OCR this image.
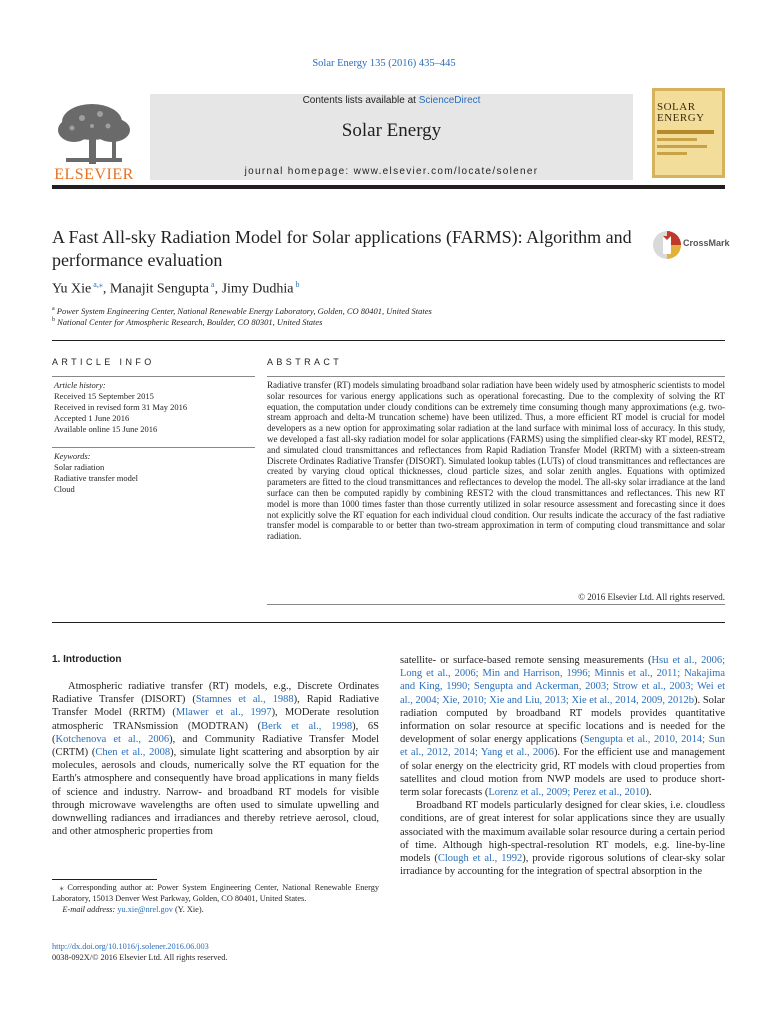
Solar Energy 135 (2016) 435–445
ELSEVIER
Contents lists available at ScienceDirect
Solar Energy
journal homepage: www.elsevier.com/locate/solener
SOLAR ENERGY
A Fast All-sky Radiation Model for Solar applications (FARMS): Algorithm and performance evaluation
CrossMark
Yu Xie $^{a,⁎}$, Manajit Sengupta $^a$, Jimy Dudhia $^b$
$^a$ Power System Engineering Center, National Renewable Energy Laboratory, Golden, CO 80401, United States
$^b$ National Center for Atmospheric Research, Boulder, CO 80301, United States
ARTICLE INFO	ABSTRACT
Article history:
Received 15 September 2015
Received in revised form 31 May 2016
Accepted 1 June 2016
Available online 15 June 2016
Keywords:
Solar radiation
Radiative transfer model
Cloud
Radiative transfer (RT) models simulating broadband solar radiation have been widely used by atmospheric scientists to model solar resources for various energy applications such as operational forecasting. Due to the complexity of solving the RT equation, the computation under cloudy conditions can be extremely time consuming though many approximations (e.g. two-stream approach and delta-M truncation scheme) have been utilized. Thus, a more efficient RT model is crucial for model developers as a new option for approximating solar radiation at the land surface with minimal loss of accuracy. In this study, we developed a fast all-sky radiation model for solar applications (FARMS) using the simplified clear-sky RT model, REST2, and simulated cloud transmittances and reflectances from Rapid Radiation Transfer Model (RRTM) with a sixteen-stream Discrete Ordinates Radiative Transfer (DISORT). Simulated lookup tables (LUTs) of cloud transmittances and reflectances are created by varying cloud optical thicknesses, cloud particle sizes, and solar zenith angles. Equations with optimized parameters are fitted to the cloud transmittances and reflectances to develop the model. The all-sky solar irradiance at the land surface can then be computed rapidly by combining REST2 with the cloud transmittances and reflectances. This new RT model is more than 1000 times faster than those currently utilized in solar resource assessment and forecasting since it does not explicitly solve the RT equation for each individual cloud condition. Our results indicate the accuracy of the fast radiative transfer model is comparable to or better than two-stream approximation in term of computing cloud transmittance and solar radiation.
© 2016 Elsevier Ltd. All rights reserved.
1. Introduction

Atmospheric radiative transfer (RT) models, e.g., Discrete Ordinates Radiative Transfer (DISORT) (Stamnes et al., 1988), Rapid Radiative Transfer Model (RRTM) (Mlawer et al., 1997), MODerate resolution atmospheric TRANsmission (MODTRAN) (Berk et al., 1998), 6S (Kotchenova et al., 2006), and Community Radiative Transfer Model (CRTM) (Chen et al., 2008), simulate light scattering and absorption by air molecules, aerosols and clouds, numerically solve the RT equation for the Earth's atmosphere and consequently have broad applications in many fields of science and industry. Narrow- and broadband RT models for visible through microwave wavelengths are often used to simulate upwelling and downwelling radiances and irradiances and thereby retrieve aerosol, cloud, and other atmospheric properties from

satellite- or surface-based remote sensing measurements (Hsu et al., 2006; Long et al., 2006; Min and Harrison, 1996; Minnis et al., 2011; Nakajima and King, 1990; Sengupta and Ackerman, 2003; Strow et al., 2003; Wei et al., 2004; Xie, 2010; Xie and Liu, 2013; Xie et al., 2014, 2009, 2012b). Solar radiation computed by broadband RT models provides quantitative information on solar resource at specific locations and is needed for the development of solar energy applications (Sengupta et al., 2010, 2014; Sun et al., 2012, 2014; Yang et al., 2006). For the efficient use and management of solar energy on the electricity grid, RT models with cloud properties from satellites and cloud motion from NWP models are used to produce short-term solar forecasts (Lorenz et al., 2009; Perez et al., 2010).

Broadband RT models particularly designed for clear skies, i.e. cloudless conditions, are of great interest for solar applications since they are usually associated with the maximum available solar resource during a certain period of time. Although high-spectral-resolution RT models, e.g. line-by-line models (Clough et al., 1992), provide rigorous solutions of clear-sky solar irradiance by accounting for the integration of spectral absorption in the

⁎ Corresponding author at: Power System Engineering Center, National Renewable Energy Laboratory, 15013 Denver West Parkway, Golden, CO 80401, United States.
E-mail address: yu.xie@nrel.gov (Y. Xie).
http://dx.doi.org/10.1016/j.solener.2016.06.003
0038-092X/© 2016 Elsevier Ltd. All rights reserved.
